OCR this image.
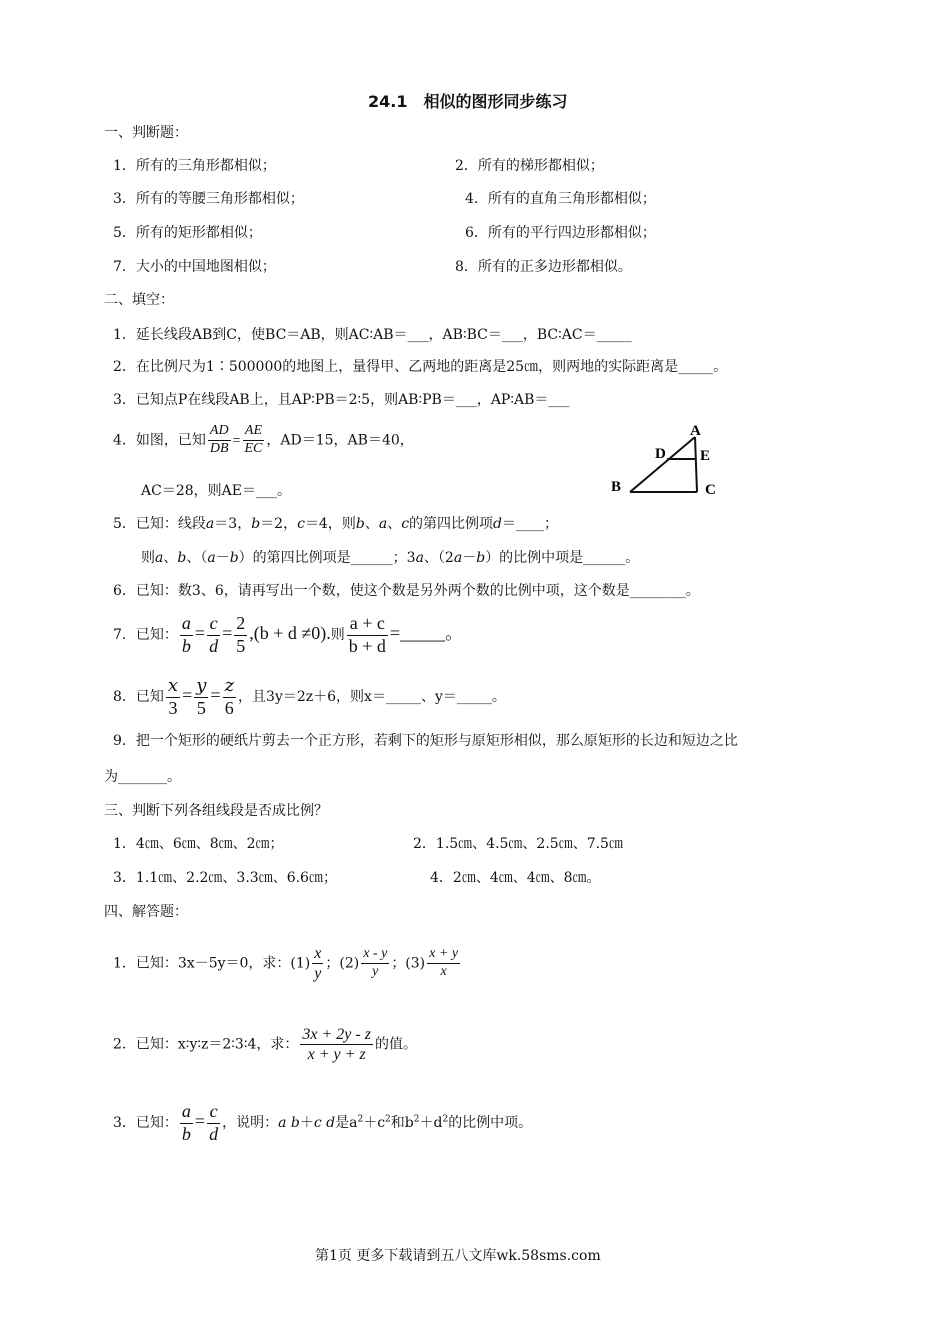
24.1　相似的图形同步练习
一、判断题：
1．所有的三角形都相似；	2．所有的梯形都相似；
3．所有的等腰三角形都相似；	4．所有的直角三角形都相似；
5．所有的矩形都相似；	6．所有的平行四边形都相似；
7．大小的中国地图相似；	8．所有的正多边形都相似。
二、填空：
1．延长线段AB到C，使BC＝AB，则AC∶AB＝___，AB∶BC＝___，BC∶AC＝_____
2．在比例尺为1∶500000的地图上，量得甲、乙两地的距离是25㎝，则两地的实际距离是_____。
3．已知点P在线段AB上，且AP∶PB＝2∶5，则AB∶PB＝___，AP∶AB＝___
4．如图，已知 $\frac{AD}{DB} = \frac{AE}{EC}$ ，AD＝15，AB＝40，
AC＝28，则AE＝___。
A
D E
B	C
5．已知：线段a＝3，b＝2，c＝4，则b、a、c的第四比例项d＝____；
则a、b、（a－b）的第四比例项是______；3a、（2a－b）的比例中项是______。
6．已知：数3、6，请再写出一个数，使这个数是另外两个数的比例中项，这个数是________。
7．已知： $\frac{a}{b} = \frac{c}{d} = \frac{2}{5} ,(b + d \ne 0)$.则 $\frac{a + c}{b + d}$ =_____。
8．已知 $\frac{x}{3} = \frac{y}{5} = \frac{z}{6}$ ，且3y＝2z＋6，则x＝_____、y＝_____。
9．把一个矩形的硬纸片剪去一个正方形，若剩下的矩形与原矩形相似，那么原矩形的长边和短边之比
为_______。
三、判断下列各组线段是否成比例？
1．4㎝、6㎝、8㎝、2㎝；	2．1.5㎝、4.5㎝、2.5㎝、7.5㎝
3．1.1㎝、2.2㎝、3.3㎝、6.6㎝；	4．2㎝、4㎝、4㎝、8㎝。
四、解答题：
1．已知：3x－5y＝0，求：$(1) \frac{x}{y}$ ；$(2) \frac{x - y}{y}$ ；$(3) \frac{x + y}{x}$
2．已知：x∶y∶z＝2∶3∶4，求： $\frac{3x + 2y - z}{x + y + z}$ 的值。
3．已知： $\frac{a}{b} = \frac{c}{d}$ ，说明：a b＋c d是$a^2+c^2$和$b^2+d^2$的比例中项。
第1页 更多下载请到五八文库wk.58sms.com
